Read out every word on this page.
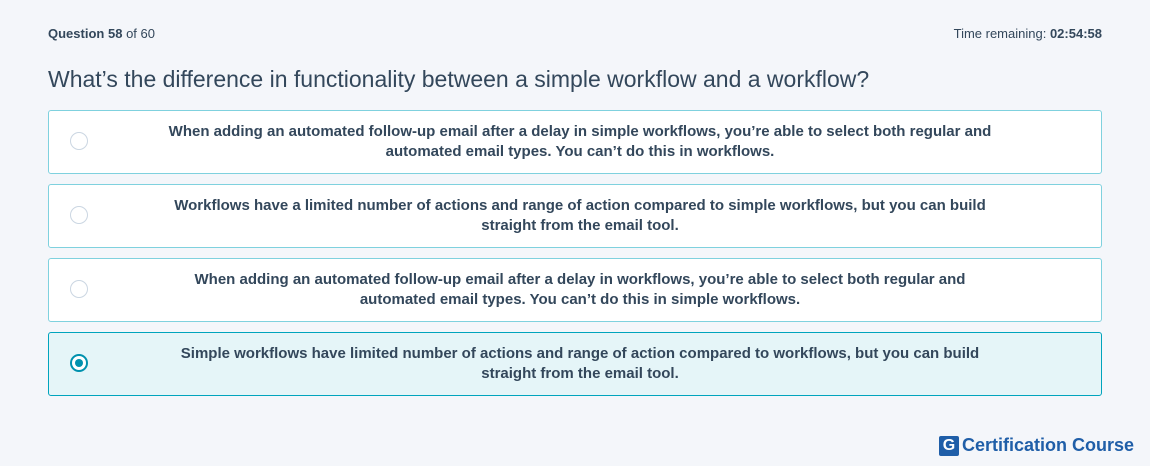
Question 58 of 60	Time remaining: 02:54:58
What’s the difference in functionality between a simple workflow and a workflow?
When adding an automated follow-up email after a delay in simple workflows, you’re able to select both regular and
automated email types. You can’t do this in workflows.
Workflows have a limited number of actions and range of action compared to simple workflows, but you can build
straight from the email tool.
When adding an automated follow-up email after a delay in workflows, you’re able to select both regular and
automated email types. You can’t do this in simple workflows.
Simple workflows have limited number of actions and range of action compared to workflows, but you can build
straight from the email tool.
G Certification Course
